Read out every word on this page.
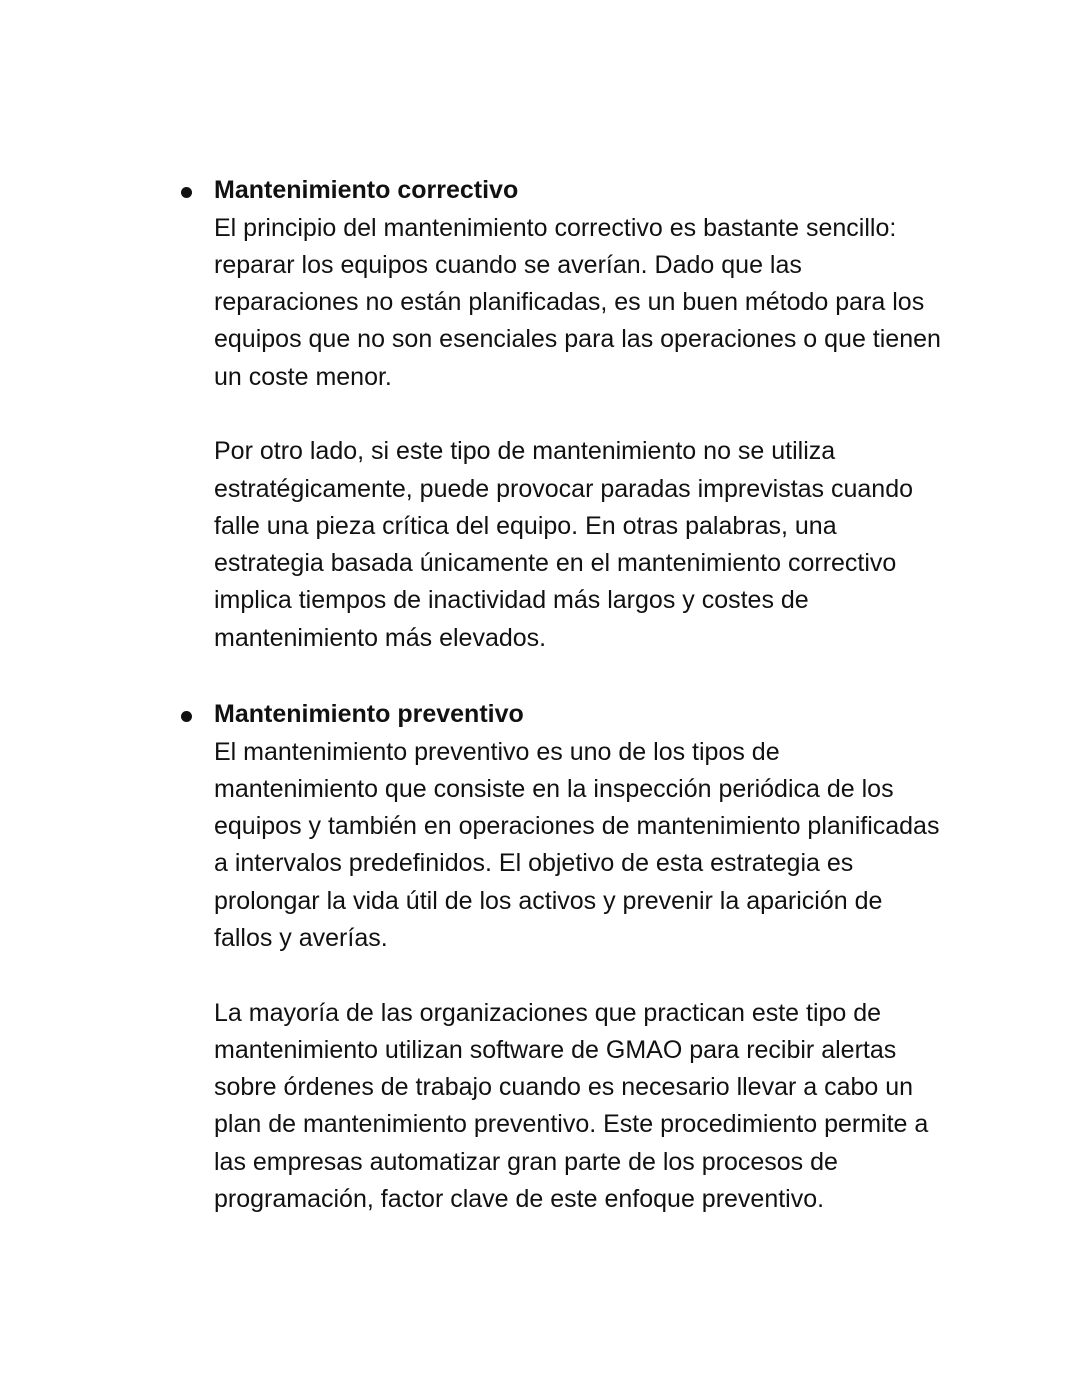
Mantenimiento correctivo

El principio del mantenimiento correctivo es bastante sencillo: reparar los equipos cuando se averían. Dado que las reparaciones no están planificadas, es un buen método para los equipos que no son esenciales para las operaciones o que tienen un coste menor.

Por otro lado, si este tipo de mantenimiento no se utiliza estratégicamente, puede provocar paradas imprevistas cuando falle una pieza crítica del equipo. En otras palabras, una estrategia basada únicamente en el mantenimiento correctivo implica tiempos de inactividad más largos y costes de mantenimiento más elevados.

Mantenimiento preventivo

El mantenimiento preventivo es uno de los tipos de mantenimiento que consiste en la inspección periódica de los equipos y también en operaciones de mantenimiento planificadas a intervalos predefinidos. El objetivo de esta estrategia es prolongar la vida útil de los activos y prevenir la aparición de fallos y averías.

La mayoría de las organizaciones que practican este tipo de mantenimiento utilizan software de GMAO para recibir alertas sobre órdenes de trabajo cuando es necesario llevar a cabo un plan de mantenimiento preventivo. Este procedimiento permite a las empresas automatizar gran parte de los procesos de programación, factor clave de este enfoque preventivo.
